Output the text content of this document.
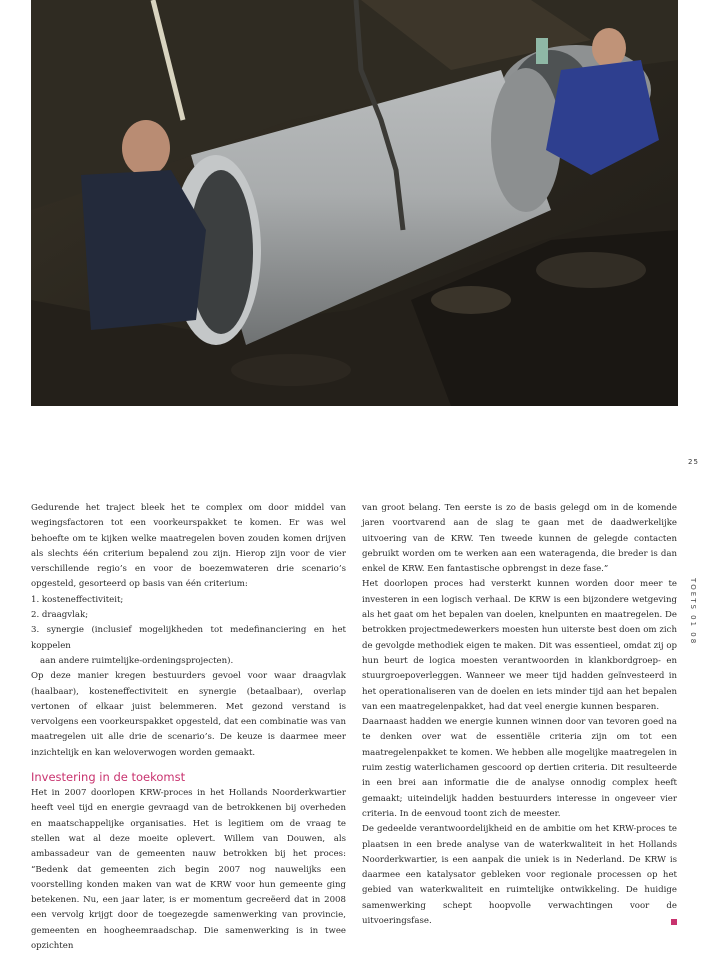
25
TOETS 01 08

Gedurende het traject bleek het te complex om door middel van wegingsfactoren tot een voorkeurspakket te komen. Er was wel behoefte om te kijken welke maatregelen boven zouden komen drijven als slechts één criterium bepalend zou zijn. Hierop zijn voor de vier verschillende regio’s en voor de boezemwateren drie scenario’s opgesteld, gesorteerd op basis van één criterium:

1. kosteneffectiviteit;

2. draagvlak;

3. synergie (inclusief mogelijkheden tot medefinanciering en het koppelen

aan andere ruimtelijke-ordeningsprojecten).

Op deze manier kregen bestuurders gevoel voor waar draagvlak (haalbaar), kosteneffectiviteit en synergie (betaalbaar), overlap vertonen of elkaar juist belemmeren. Met gezond verstand is vervolgens een voorkeurspakket opgesteld, dat een combinatie was van maatregelen uit alle drie de scenario’s. De keuze is daarmee meer inzichtelijk en kan weloverwogen worden gemaakt.

Investering in de toekomst

Het in 2007 doorlopen KRW-proces in het Hollands Noorderkwartier heeft veel tijd en energie gevraagd van de betrokkenen bij overheden en maatschappelijke organisaties. Het is legitiem om de vraag te stellen wat al deze moeite oplevert. Willem van Douwen, als ambassadeur van de gemeenten nauw betrokken bij het proces: “Bedenk dat gemeenten zich begin 2007 nog nauwelijks een voorstelling konden maken van wat de KRW voor hun gemeente ging betekenen. Nu, een jaar later, is er momentum gecreëerd dat in 2008 een vervolg krijgt door de toegezegde samenwerking van provincie, gemeenten en hoogheemraadschap. Die samenwerking is in twee opzichten

van groot belang. Ten eerste is zo de basis gelegd om in de komende jaren voortvarend aan de slag te gaan met de daadwerkelijke uitvoering van de KRW. Ten tweede kunnen de gelegde contacten gebruikt worden om te werken aan een wateragenda, die breder is dan enkel de KRW. Een fantastische opbrengst in deze fase.”

Het doorlopen proces had versterkt kunnen worden door meer te investeren in een logisch verhaal. De KRW is een bijzondere wetgeving als het gaat om het bepalen van doelen, knelpunten en maatregelen. De betrokken projectmedewerkers moesten hun uiterste best doen om zich de gevolgde methodiek eigen te maken. Dit was essentieel, omdat zij op hun beurt de logica moesten verantwoorden in klankbordgroep- en stuurgroepoverleggen. Wanneer we meer tijd hadden geïnvesteerd in het operationaliseren van de doelen en iets minder tijd aan het bepalen van een maatregelenpakket, had dat veel energie kunnen besparen.

Daarnaast hadden we energie kunnen winnen door van tevoren goed na te denken over wat de essentiële criteria zijn om tot een maatregelenpakket te komen. We hebben alle mogelijke maatregelen in ruim zestig waterlichamen gescoord op dertien criteria. Dit resulteerde in een brei aan informatie die de analyse onnodig complex heeft gemaakt; uiteindelijk hadden bestuurders interesse in ongeveer vier criteria. In de eenvoud toont zich de meester.

De gedeelde verantwoordelijkheid en de ambitie om het KRW-proces te plaatsen in een brede analyse van de waterkwaliteit in het Hollands Noorderkwartier, is een aanpak die uniek is in Nederland. De KRW is daarmee een katalysator gebleken voor regionale processen op het gebied van waterkwaliteit en ruimtelijke ontwikkeling. De huidige samenwerking schept hoopvolle verwachtingen voor de uitvoeringsfase.
